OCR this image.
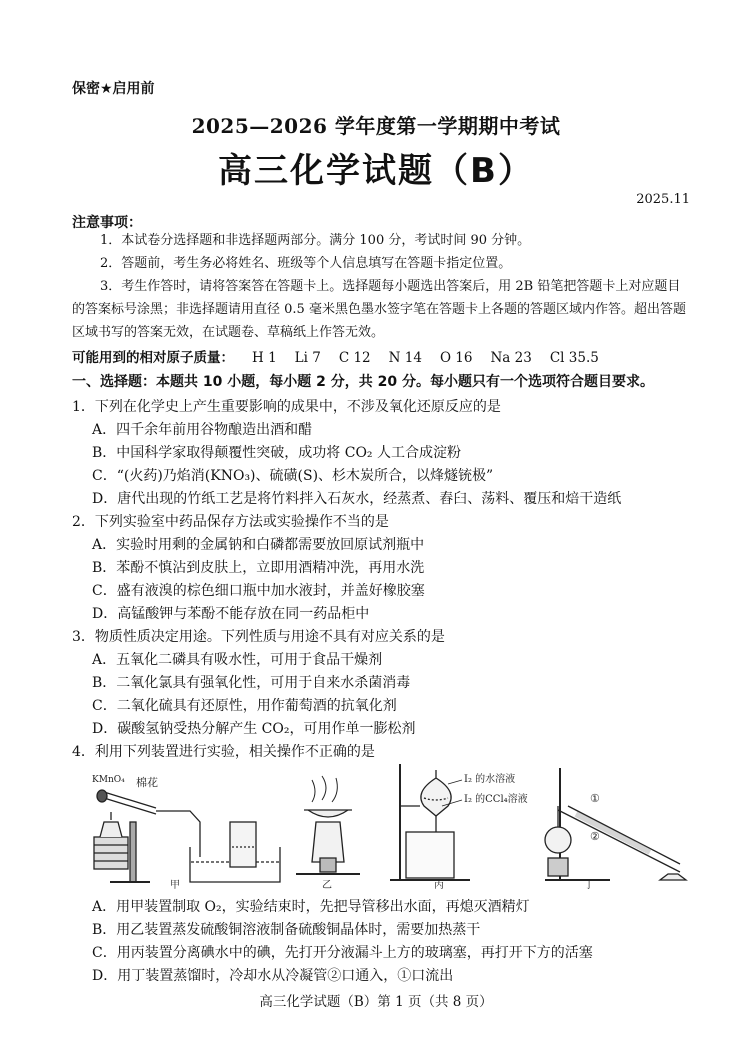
保密★启用前
2025—2026 学年度第一学期期中考试
高三化学试题（B）
2025.11
注意事项：
1．本试卷分选择题和非选择题两部分。满分 100 分，考试时间 90 分钟。
2．答题前，考生务必将姓名、班级等个人信息填写在答题卡指定位置。
3．考生作答时，请将答案答在答题卡上。选择题每小题选出答案后，用 2B 铅笔把答题卡上对应题目的答案标号涂黑；非选择题请用直径 0.5 毫米黑色墨水签字笔在答题卡上各题的答题区域内作答。超出答题区域书写的答案无效，在试题卷、草稿纸上作答无效。
可能用到的相对原子质量： H 1 Li 7 C 12 N 14 O 16 Na 23 Cl 35.5
一、选择题：本题共 10 小题，每小题 2 分，共 20 分。每小题只有一个选项符合题目要求。
1．下列在化学史上产生重要影响的成果中，不涉及氧化还原反应的是
A．四千余年前用谷物酿造出酒和醋
B．中国科学家取得颠覆性突破，成功将 CO₂ 人工合成淀粉
C．“(火药)乃焰消(KNO₃)、硫磺(S)、杉木炭所合，以烽燧铳极”
D．唐代出现的竹纸工艺是将竹料拌入石灰水，经蒸煮、舂臼、荡料、覆压和焙干造纸
2．下列实验室中药品保存方法或实验操作不当的是
A．实验时用剩的金属钠和白磷都需要放回原试剂瓶中
B．苯酚不慎沾到皮肤上，立即用酒精冲洗，再用水洗
C．盛有液溴的棕色细口瓶中加水液封，并盖好橡胶塞
D．高锰酸钾与苯酚不能存放在同一药品柜中
3．物质性质决定用途。下列性质与用途不具有对应关系的是
A．五氧化二磷具有吸水性，可用于食品干燥剂
B．二氧化氯具有强氧化性，可用于自来水杀菌消毒
C．二氧化硫具有还原性，用作葡萄酒的抗氧化剂
D．碳酸氢钠受热分解产生 CO₂，可用作单一膨松剂
4．利用下列装置进行实验，相关操作不正确的是
KMnO₄ 棉花
甲	乙
I₂ 的水溶液
I₂ 的CCl₄溶液
丙
①
②
丁
A．用甲装置制取 O₂，实验结束时，先把导管移出水面，再熄灭酒精灯
B．用乙装置蒸发硫酸铜溶液制备硫酸铜晶体时，需要加热蒸干
C．用丙装置分离碘水中的碘，先打开分液漏斗上方的玻璃塞，再打开下方的活塞
D．用丁装置蒸馏时，冷却水从冷凝管②口通入，①口流出
高三化学试题（B）第 1 页（共 8 页）
